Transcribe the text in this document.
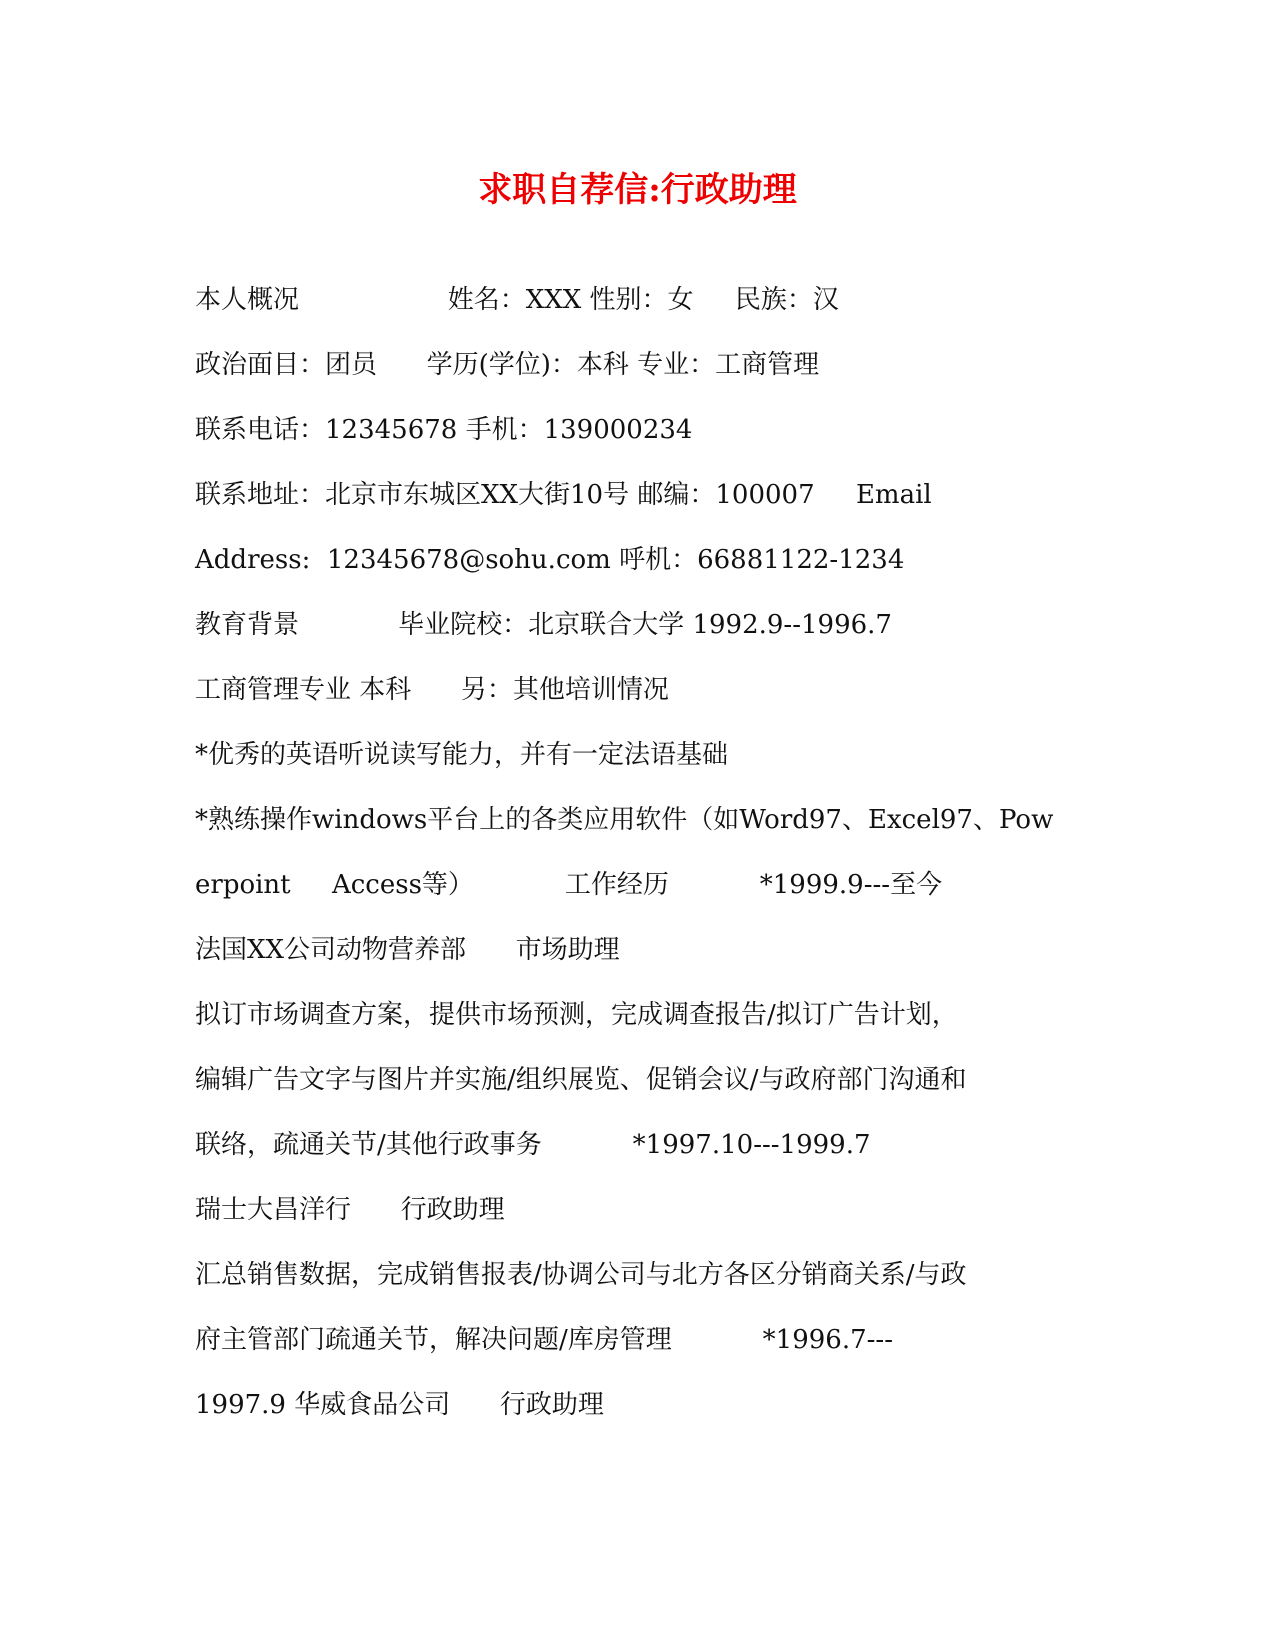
求职自荐信:行政助理
本人概况                  姓名：XXX 性别：女     民族：汉
政治面目：团员      学历(学位)：本科 专业：工商管理
联系电话：12345678 手机：139000234
联系地址：北京市东城区XX大街10号 邮编：100007     Email
Address:  12345678@sohu.com 呼机：66881122-1234
教育背景            毕业院校：北京联合大学 1992.9--1996.7
工商管理专业 本科      另：其他培训情况
*优秀的英语听说读写能力，并有一定法语基础
*熟练操作windows平台上的各类应用软件（如Word97、Excel97、Pow
erpoint     Access等）           工作经历           *1999.9---至今
法国XX公司动物营养部      市场助理
拟订市场调查方案，提供市场预测，完成调查报告/拟订广告计划，
编辑广告文字与图片并实施/组织展览、促销会议/与政府部门沟通和
联络，疏通关节/其他行政事务           *1997.10---1999.7
瑞士大昌洋行      行政助理
汇总销售数据，完成销售报表/协调公司与北方各区分销商关系/与政
府主管部门疏通关节，解决问题/库房管理           *1996.7---
1997.9 华威食品公司      行政助理
